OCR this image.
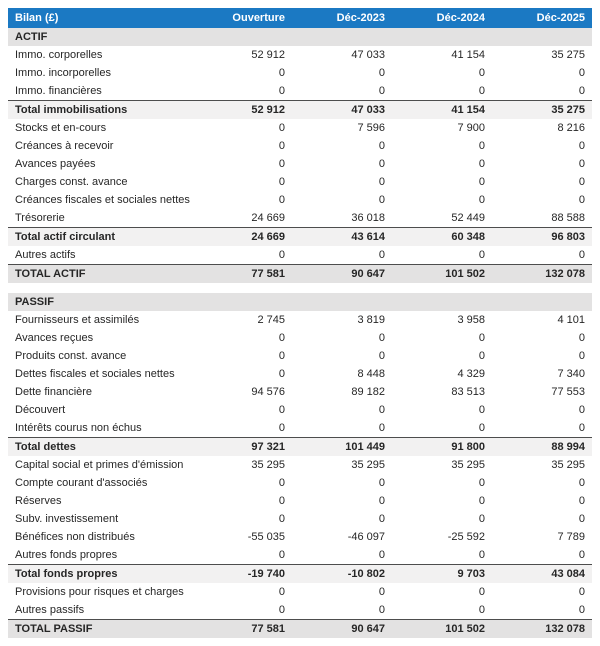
Bilan (£)	Ouverture	Déc-2023	Déc-2024	Déc-2025
ACTIF				
Immo. corporelles	52 912	47 033	41 154	35 275
Immo. incorporelles	0	0	0	0
Immo. financières	0	0	0	0
Total immobilisations	52 912	47 033	41 154	35 275
Stocks et en-cours	0	7 596	7 900	8 216
Créances à recevoir	0	0	0	0
Avances payées	0	0	0	0
Charges const. avance	0	0	0	0
Créances fiscales et sociales nettes	0	0	0	0
Trésorerie	24 669	36 018	52 449	88 588
Total actif circulant	24 669	43 614	60 348	96 803
Autres actifs	0	0	0	0
TOTAL ACTIF	77 581	90 647	101 502	132 078

PASSIF				
Fournisseurs et assimilés	2 745	3 819	3 958	4 101
Avances reçues	0	0	0	0
Produits const. avance	0	0	0	0
Dettes fiscales et sociales nettes	0	8 448	4 329	7 340
Dette financière	94 576	89 182	83 513	77 553
Découvert	0	0	0	0
Intérêts courus non échus	0	0	0	0
Total dettes	97 321	101 449	91 800	88 994
Capital social et primes d'émission	35 295	35 295	35 295	35 295
Compte courant d'associés	0	0	0	0
Réserves	0	0	0	0
Subv. investissement	0	0	0	0
Bénéfices non distribués	-55 035	-46 097	-25 592	7 789
Autres fonds propres	0	0	0	0
Total fonds propres	-19 740	-10 802	9 703	43 084
Provisions pour risques et charges	0	0	0	0
Autres passifs	0	0	0	0
TOTAL PASSIF	77 581	90 647	101 502	132 078
